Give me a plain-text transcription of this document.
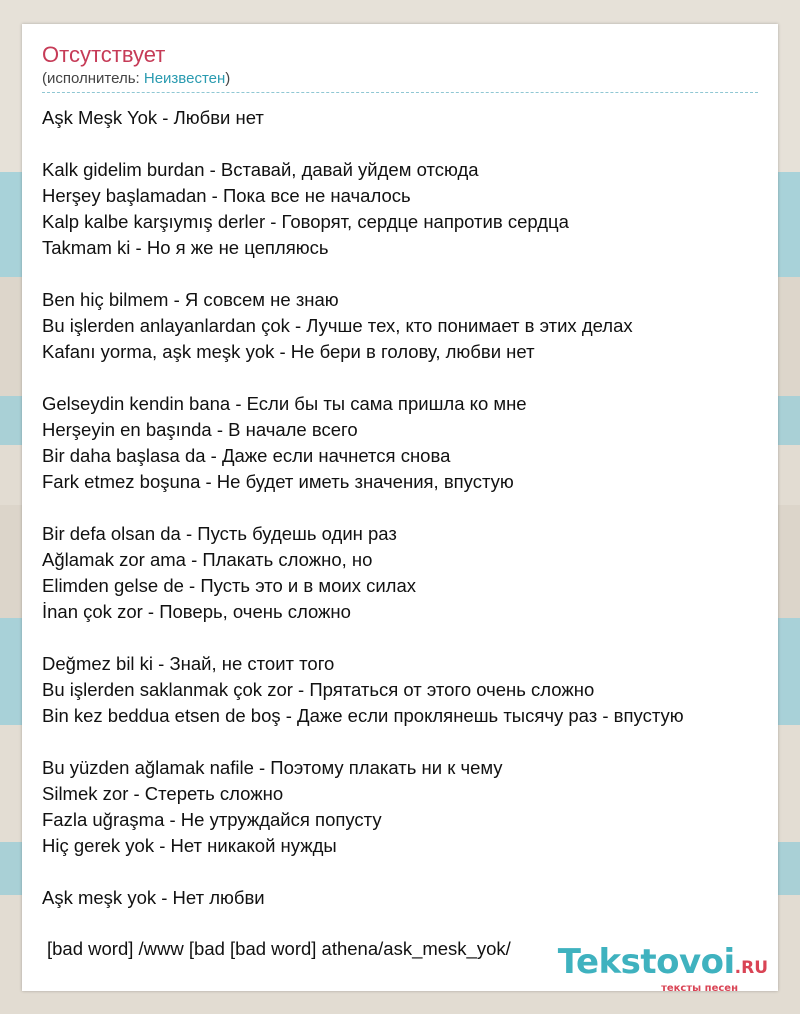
Отсутствует
(исполнитель: Неизвестен)
Aşk Meşk Yok - Любви нет
Kalk gidelim burdan - Вставай, давай уйдем отсюда
Herşey başlamadan - Пока все не началось
Kalp kalbe karşıymış derler - Говорят, сердце напротив сердца
Takmam ki - Но я же не цепляюсь
Ben hiç bilmem - Я совсем не знаю
Bu işlerden anlayanlardan çok - Лучше тех, кто понимает в этих делах
Kafanı yorma, aşk meşk yok - Не бери в голову, любви нет
Gelseydin kendin bana - Если бы ты сама пришла ко мне
Herşeyin en başında - В начале всего
Bir daha başlasa da - Даже если начнется снова
Fark etmez boşuna - Не будет иметь значения, впустую
Bir defa olsan da - Пусть будешь один раз
Ağlamak zor ama - Плакать сложно, но
Elimden gelse de - Пусть это и в моих силах
İnan çok zor - Поверь, очень сложно
Değmez bil ki - Знай, не стоит того
Bu işlerden saklanmak çok zor - Прятаться от этого очень сложно
Bin kez beddua etsen de boş - Даже если проклянешь тысячу раз - впустую
Bu yüzden ağlamak nafile - Поэтому плакать ни к чему
Silmek zor - Стереть сложно
Fazla uğraşma - Не утруждайся попусту
Hiç gerek yok - Нет никакой нужды
Aşk meşk yok - Нет любви
[bad word] /www [bad [bad word] athena/ask_mesk_yok/ Tekstovoi.RU
тексты песен
